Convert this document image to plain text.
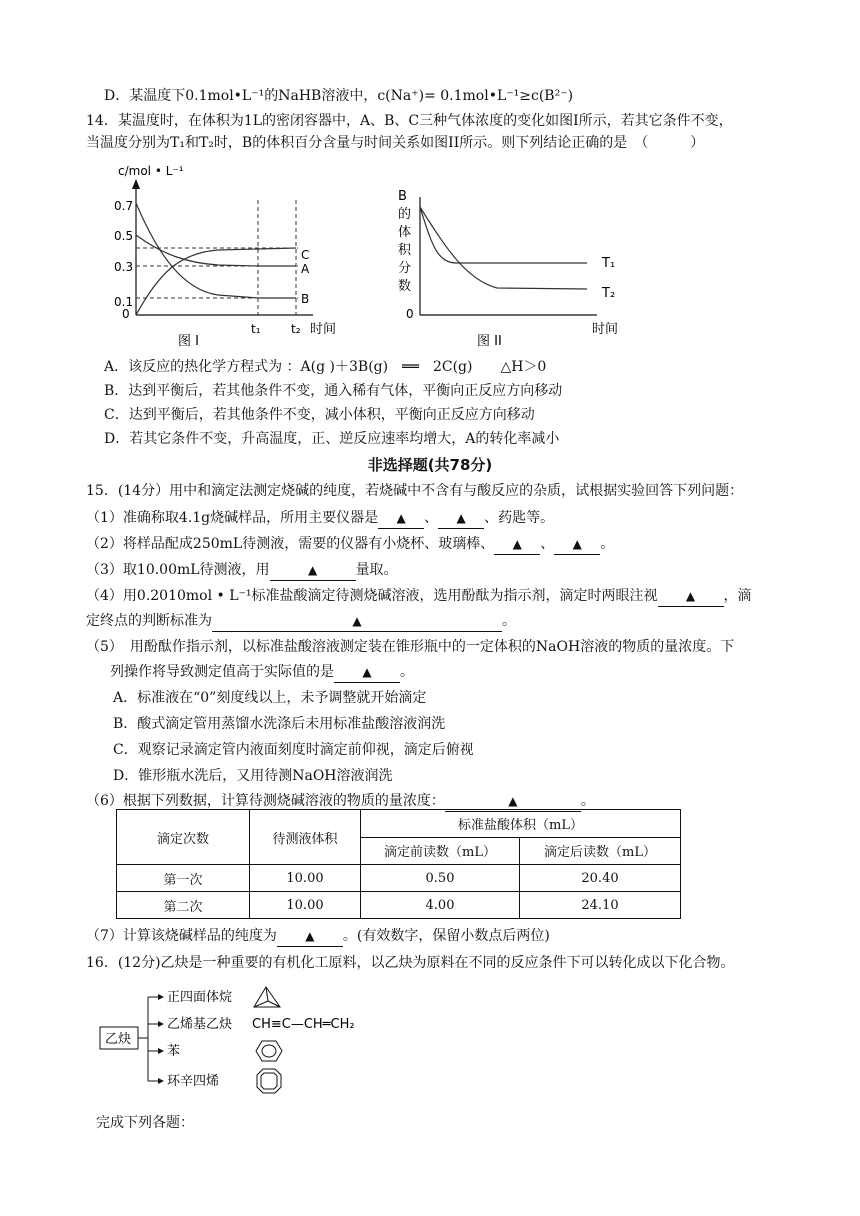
D．某温度下0.1mol•L⁻¹的NaHB溶液中，c(Na⁺)= 0.1mol•L⁻¹≥c(B²⁻)
14．某温度时，在体积为1L的密闭容器中，A、B、C三种气体浓度的变化如图I所示，若其它条件不变，
当温度分别为T₁和T₂时，B的体积百分含量与时间关系如图II所示。则下列结论正确的是　（　　　）
c/mol • L⁻¹
0.7
0.5
0.3
0.1
0
C
A
B
t₁	t₂ 时间
图 I
B
的
体
积
分
数
0
T₁
T₂
时间
图 II
A．该反应的热化学方程式为 ：A(g )＋3B(g)　══　2C(g)　　△H＞0
B．达到平衡后，若其他条件不变，通入稀有气体，平衡向正反应方向移动
C．达到平衡后，若其他条件不变，减小体积，平衡向正反应方向移动
D．若其它条件不变，升高温度，正、逆反应速率均增大，A的转化率减小
非选择题(共78分)
15．(14分）用中和滴定法测定烧碱的纯度，若烧碱中不含有与酸反应的杂质，试根据实验回答下列问题：
（1）准确称取4.1g烧碱样品，所用主要仪器是 ▲ 、 ▲ 、药匙等。
（2）将样品配成250mL待测液，需要的仪器有小烧杯、玻璃棒、 ▲ 、 ▲ 。
（3）取10.00mL待测液，用	▲	量取。
（4）用0.2010mol • L⁻¹标准盐酸滴定待测烧碱溶液，选用酚酞为指示剂，滴定时两眼注视 ▲ ，滴
定终点的判断标准为	▲	。
（5）　用酚酞作指示剂，以标准盐酸溶液测定装在锥形瓶中的一定体积的NaOH溶液的物质的量浓度。下
列操作将导致测定值高于实际值的是 ▲ 。
A．标准液在“0”刻度线以上，未予调整就开始滴定
B．酸式滴定管用蒸馏水洗涤后未用标准盐酸溶液润洗
C．观察记录滴定管内液面刻度时滴定前仰视，滴定后俯视
D．锥形瓶水洗后，又用待测NaOH溶液润洗
（6）根据下列数据，计算待测烧碱溶液的物质的量浓度：	▲	。
滴定次数	待测液体积	标准盐酸体积（mL）	
		滴定前读数（mL）	滴定后读数（mL）
第一次	10.00	0.50	20.40
第二次	10.00	4.00	24.10
（7）计算该烧碱样品的纯度为 ▲ 。(有效数字，保留小数点后两位)
16．(12分)乙炔是一种重要的有机化工原料，以乙炔为原料在不同的反应条件下可以转化成以下化合物。
乙炔
正四面体烷
乙烯基乙炔
苯
环辛四烯
CH≡C—CH═CH₂
完成下列各题：
